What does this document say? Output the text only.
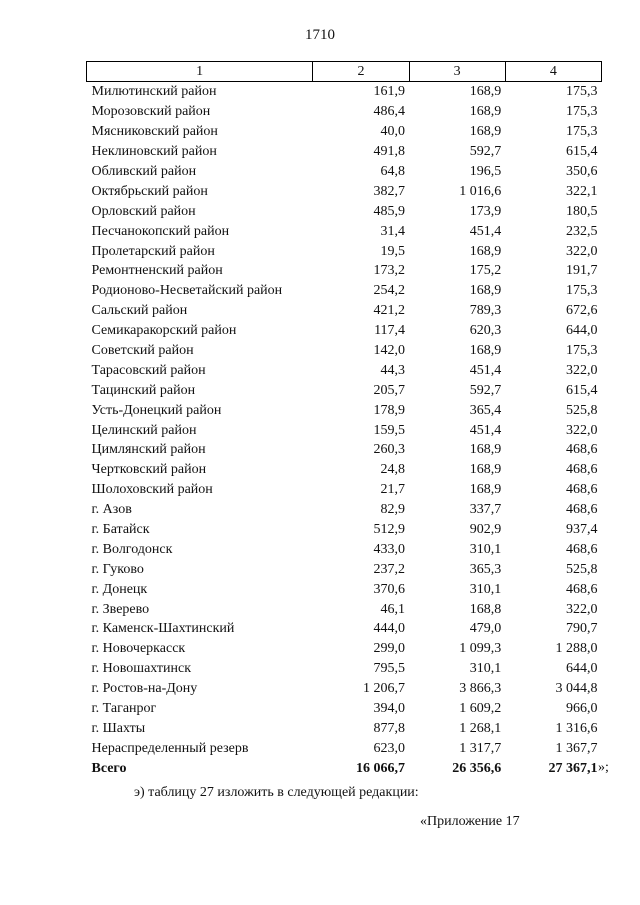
1710
1	2	3	4
Милютинский район	161,9	168,9	175,3
Морозовский район	486,4	168,9	175,3
Мясниковский район	40,0	168,9	175,3
Неклиновский район	491,8	592,7	615,4
Обливский район	64,8	196,5	350,6
Октябрьский район	382,7	1 016,6	322,1
Орловский район	485,9	173,9	180,5
Песчанокопский район	31,4	451,4	232,5
Пролетарский район	19,5	168,9	322,0
Ремонтненский район	173,2	175,2	191,7
Родионово-Несветайский район	254,2	168,9	175,3
Сальский район	421,2	789,3	672,6
Семикаракорский район	117,4	620,3	644,0
Советский район	142,0	168,9	175,3
Тарасовский район	44,3	451,4	322,0
Тацинский район	205,7	592,7	615,4
Усть-Донецкий район	178,9	365,4	525,8
Целинский район	159,5	451,4	322,0
Цимлянский район	260,3	168,9	468,6
Чертковский район	24,8	168,9	468,6
Шолоховский район	21,7	168,9	468,6
г. Азов	82,9	337,7	468,6
г. Батайск	512,9	902,9	937,4
г. Волгодонск	433,0	310,1	468,6
г. Гуково	237,2	365,3	525,8
г. Донецк	370,6	310,1	468,6
г. Зверево	46,1	168,8	322,0
г. Каменск-Шахтинский	444,0	479,0	790,7
г. Новочеркасск	299,0	1 099,3	1 288,0
г. Новошахтинск	795,5	310,1	644,0
г. Ростов-на-Дону	1 206,7	3 866,3	3 044,8
г. Таганрог	394,0	1 609,2	966,0
г. Шахты	877,8	1 268,1	1 316,6
Нераспределенный резерв	623,0	1 317,7	1 367,7
Всего	16 066,7	26 356,6	27 367,1 »;
э) таблицу 27 изложить в следующей редакции:
«Приложение 17
